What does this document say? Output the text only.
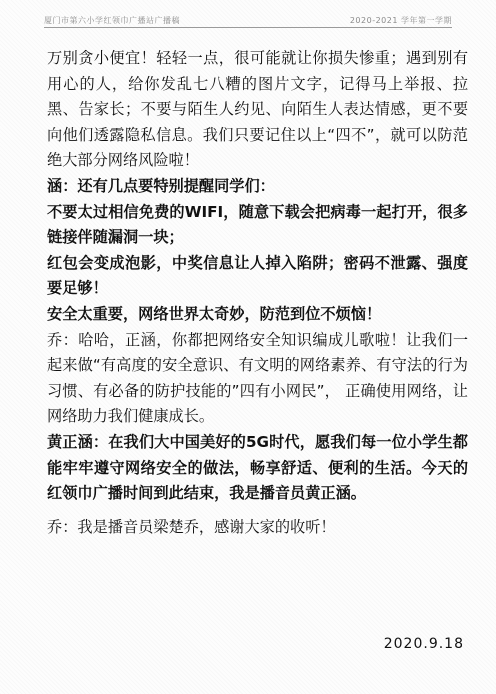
厦门市第六小学红领巾广播站广播稿	2020-2021 学年第一学期

万别贪小便宜！轻轻一点，很可能就让你损失惨重；遇到别有用心的人，给你发乱七八糟的图片文字，记得马上举报、拉黑、告家长；不要与陌生人约见、向陌生人表达情感，更不要向他们透露隐私信息。我们只要记住以上“四不”，就可以防范绝大部分网络风险啦！

涵：还有几点要特别提醒同学们：

不要太过相信免费的WIFI，随意下载会把病毒一起打开，很多链接伴随漏洞一块；

红包会变成泡影，中奖信息让人掉入陷阱；密码不泄露、强度要足够！

安全太重要，网络世界太奇妙，防范到位不烦恼！

乔：哈哈，正涵，你都把网络安全知识编成儿歌啦！让我们一起来做“有高度的安全意识、有文明的网络素养、有守法的行为习惯、有必备的防护技能的”四有小网民”， 正确使用网络，让网络助力我们健康成长。

黄正涵：在我们大中国美好的5G时代，愿我们每一位小学生都能牢牢遵守网络安全的做法，畅享舒适、便利的生活。今天的红领巾广播时间到此结束，我是播音员黄正涵。

乔：我是播音员梁楚乔，感谢大家的收听！

2020.9.18
